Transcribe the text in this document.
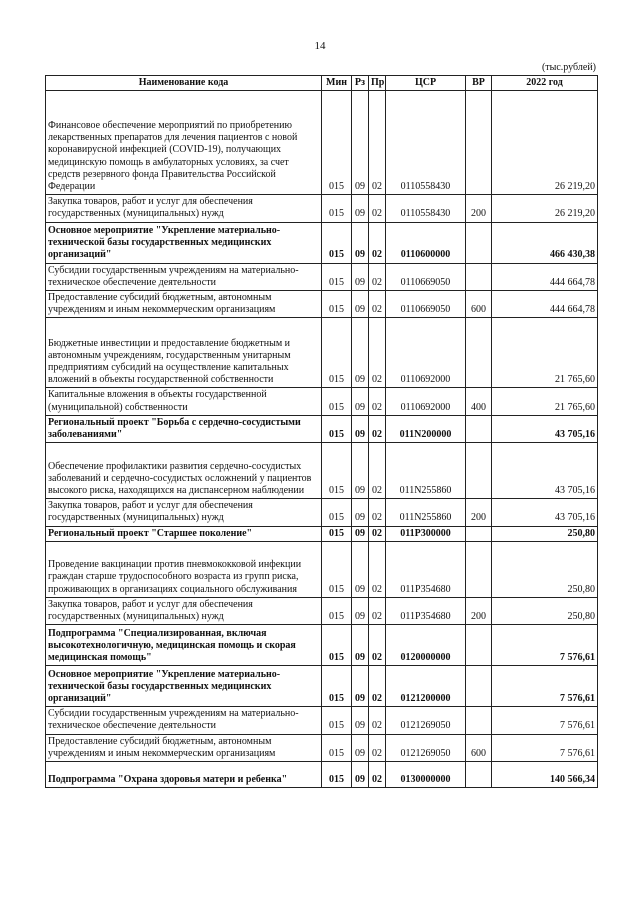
14
(тыс.рублей)
Наименование кода	Мин	Рз	Пр	ЦСР	ВР	2022 год
Финансовое обеспечение мероприятий по приобретению лекарственных препаратов для лечения пациентов с новой коронавирусной инфекцией (COVID-19), получающих медицинскую помощь в амбулаторных условиях, за счет средств резервного фонда Правительства Российской Федерации	015	09	02	0110558430		26 219,20
Закупка товаров, работ и услуг для обеспечения государственных (муниципальных) нужд	015	09	02	0110558430	200	26 219,20
Основное мероприятие "Укрепление материально-технической базы государственных медицинских организаций"	015	09	02	0110600000		466 430,38
Субсидии государственным учреждениям на материально-техническое обеспечение деятельности	015	09	02	0110669050		444 664,78
Предоставление субсидий бюджетным, автономным учреждениям и иным некоммерческим организациям	015	09	02	0110669050	600	444 664,78
Бюджетные инвестиции и предоставление бюджетным и автономным учреждениям, государственным унитарным предприятиям субсидий на осуществление капитальных вложений в объекты государственной собственности	015	09	02	0110692000		21 765,60
Капитальные вложения в объекты государственной (муниципальной) собственности	015	09	02	0110692000	400	21 765,60
Региональный проект "Борьба с сердечно-сосудистыми заболеваниями"	015	09	02	011N200000		43 705,16
Обеспечение профилактики развития сердечно-сосудистых заболеваний и сердечно-сосудистых осложнений у пациентов высокого риска, находящихся на диспансерном наблюдении	015	09	02	011N255860		43 705,16
Закупка товаров, работ и услуг для обеспечения государственных (муниципальных) нужд	015	09	02	011N255860	200	43 705,16
Региональный проект "Старшее поколение"	015	09	02	011P300000		250,80
Проведение вакцинации против пневмококковой инфекции граждан старше трудоспособного возраста из групп риска, проживающих в организациях социального обслуживания	015	09	02	011P354680		250,80
Закупка товаров, работ и услуг для обеспечения государственных (муниципальных) нужд	015	09	02	011P354680	200	250,80
Подпрограмма "Специализированная, включая высокотехнологичную, медицинская помощь и скорая медицинская помощь"	015	09	02	0120000000		7 576,61
Основное мероприятие "Укрепление материально-технической базы государственных медицинских организаций"	015	09	02	0121200000		7 576,61
Субсидии государственным учреждениям на материально-техническое обеспечение деятельности	015	09	02	0121269050		7 576,61
Предоставление субсидий бюджетным, автономным учреждениям и иным некоммерческим организациям	015	09	02	0121269050	600	7 576,61
Подпрограмма "Охрана здоровья матери и ребенка"	015	09	02	0130000000		140 566,34
